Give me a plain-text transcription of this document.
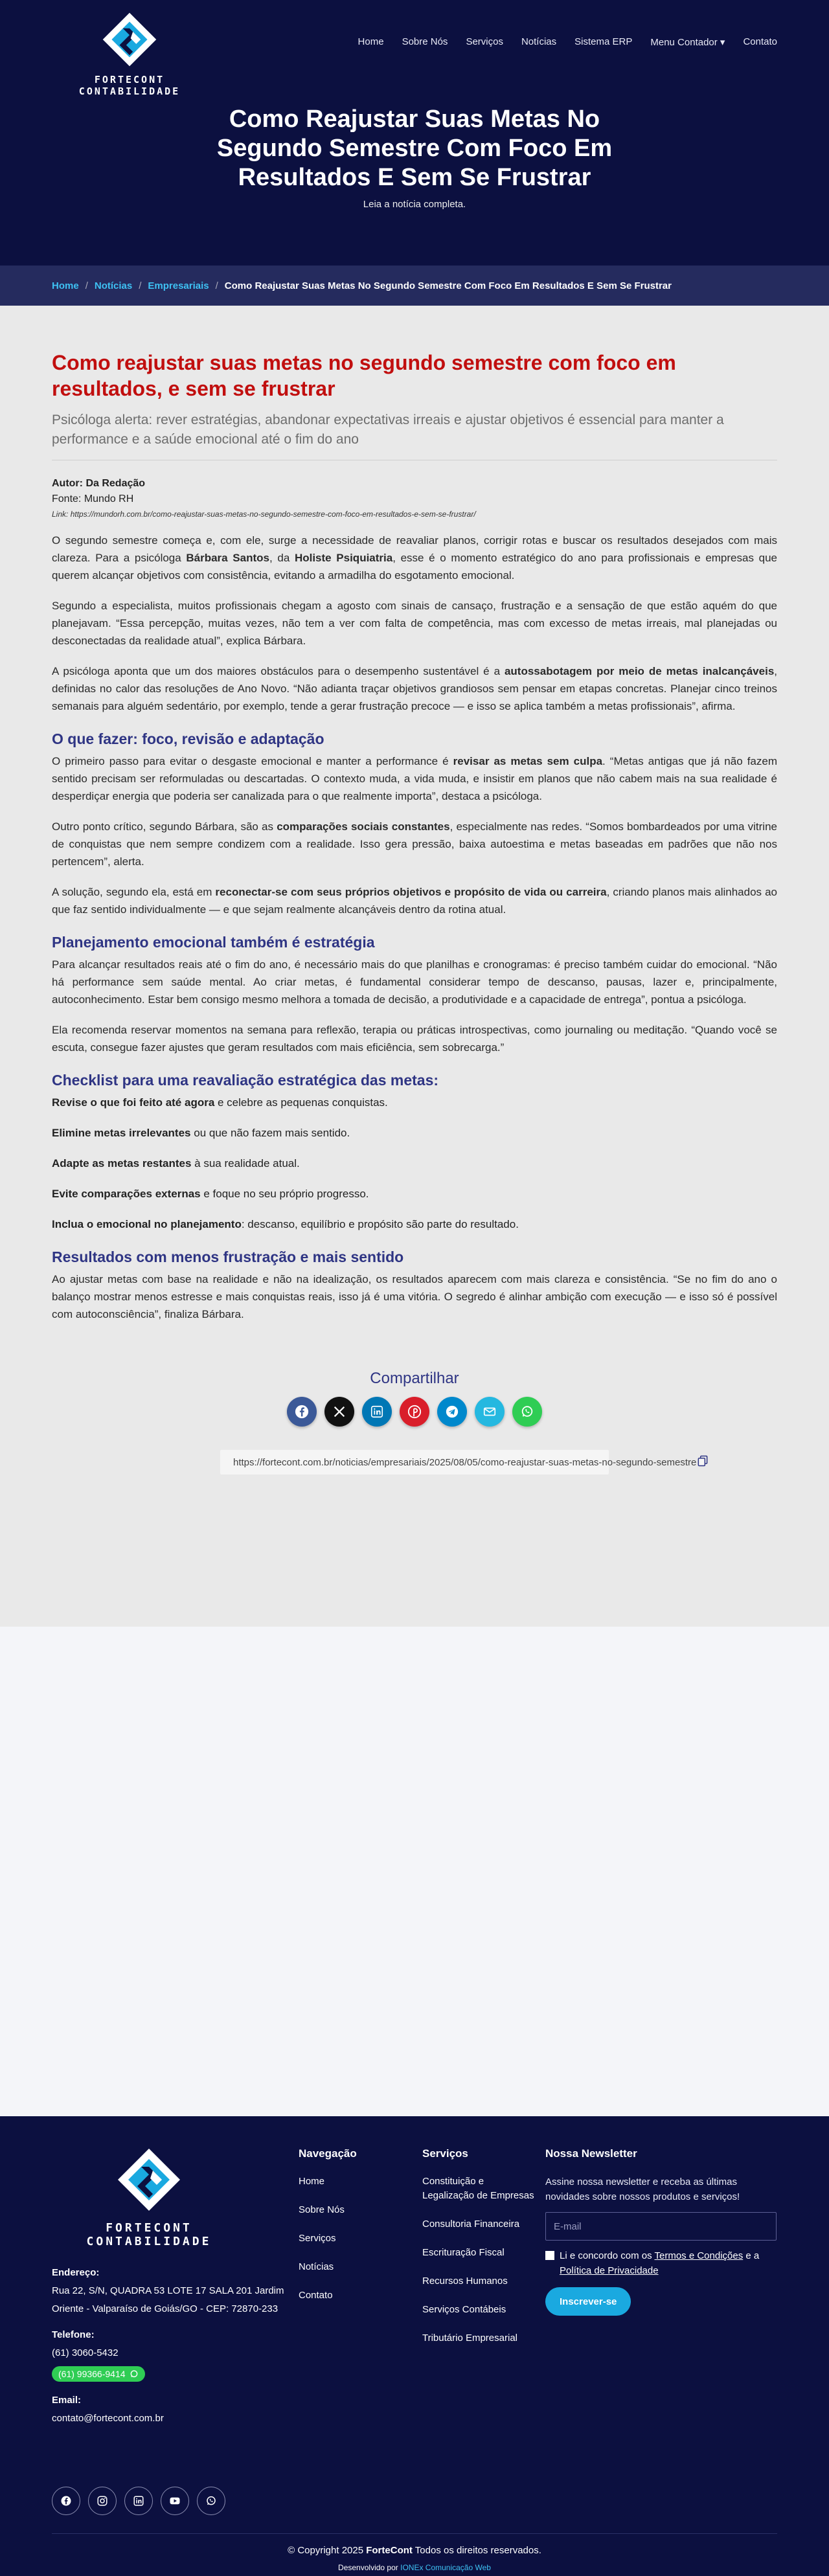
FORTECONT CONTABILIDADE
Home Sobre Nós Serviços Notícias Sistema ERP Menu Contador ▾ Contato
Como Reajustar Suas Metas No
Segundo Semestre Com Foco Em
Resultados E Sem Se Frustrar
Leia a notícia completa.
Home / Notícias / Empresariais / Como Reajustar Suas Metas No Segundo Semestre Com Foco Em Resultados E Sem Se Frustrar
Como reajustar suas metas no segundo semestre com foco em resultados, e sem se frustrar
Psicóloga alerta: rever estratégias, abandonar expectativas irreais e ajustar objetivos é essencial para manter a performance e a saúde emocional até o fim do ano
Autor: Da Redação
Fonte: Mundo RH
Link: https://mundorh.com.br/como-reajustar-suas-metas-no-segundo-semestre-com-foco-em-resultados-e-sem-se-frustrar/

O segundo semestre começa e, com ele, surge a necessidade de reavaliar planos, corrigir rotas e buscar os resultados desejados com mais clareza. Para a psicóloga Bárbara Santos, da Holiste Psiquiatria, esse é o momento estratégico do ano para profissionais e empresas que querem alcançar objetivos com consistência, evitando a armadilha do esgotamento emocional.

Segundo a especialista, muitos profissionais chegam a agosto com sinais de cansaço, frustração e a sensação de que estão aquém do que planejavam. “Essa percepção, muitas vezes, não tem a ver com falta de competência, mas com excesso de metas irreais, mal planejadas ou desconectadas da realidade atual”, explica Bárbara.

A psicóloga aponta que um dos maiores obstáculos para o desempenho sustentável é a autossabotagem por meio de metas inalcançáveis, definidas no calor das resoluções de Ano Novo. “Não adianta traçar objetivos grandiosos sem pensar em etapas concretas. Planejar cinco treinos semanais para alguém sedentário, por exemplo, tende a gerar frustração precoce — e isso se aplica também a metas profissionais”, afirma.

O que fazer: foco, revisão e adaptação

O primeiro passo para evitar o desgaste emocional e manter a performance é revisar as metas sem culpa. “Metas antigas que já não fazem sentido precisam ser reformuladas ou descartadas. O contexto muda, a vida muda, e insistir em planos que não cabem mais na sua realidade é desperdiçar energia que poderia ser canalizada para o que realmente importa”, destaca a psicóloga.

Outro ponto crítico, segundo Bárbara, são as comparações sociais constantes, especialmente nas redes. “Somos bombardeados por uma vitrine de conquistas que nem sempre condizem com a realidade. Isso gera pressão, baixa autoestima e metas baseadas em padrões que não nos pertencem”, alerta.

A solução, segundo ela, está em reconectar-se com seus próprios objetivos e propósito de vida ou carreira, criando planos mais alinhados ao que faz sentido individualmente — e que sejam realmente alcançáveis dentro da rotina atual.

Planejamento emocional também é estratégia

Para alcançar resultados reais até o fim do ano, é necessário mais do que planilhas e cronogramas: é preciso também cuidar do emocional. “Não há performance sem saúde mental. Ao criar metas, é fundamental considerar tempo de descanso, pausas, lazer e, principalmente, autoconhecimento. Estar bem consigo mesmo melhora a tomada de decisão, a produtividade e a capacidade de entrega”, pontua a psicóloga.

Ela recomenda reservar momentos na semana para reflexão, terapia ou práticas introspectivas, como journaling ou meditação. “Quando você se escuta, consegue fazer ajustes que geram resultados com mais eficiência, sem sobrecarga.”

Checklist para uma reavaliação estratégica das metas:
Revise o que foi feito até agora e celebre as pequenas conquistas.
Elimine metas irrelevantes ou que não fazem mais sentido.
Adapte as metas restantes à sua realidade atual.
Evite comparações externas e foque no seu próprio progresso.
Inclua o emocional no planejamento: descanso, equilíbrio e propósito são parte do resultado.
Resultados com menos frustração e mais sentido

Ao ajustar metas com base na realidade e não na idealização, os resultados aparecem com mais clareza e consistência. “Se no fim do ano o balanço mostrar menos estresse e mais conquistas reais, isso já é uma vitória. O segredo é alinhar ambição com execução — e isso só é possível com autoconsciência”, finaliza Bárbara.

Compartilhar
https://fortecont.com.br/noticias/empresariais/2025/08/05/como-reajustar-suas-metas-no-segundo-semestre
FORTECONT CONTABILIDADE
Endereço:
Rua 22, S/N, QUADRA 53 LOTE 17 SALA 201 Jardim Oriente - Valparaíso de Goiás/GO - CEP: 72870-233
Telefone:
(61) 3060-5432
(61) 99366-9414
Email:
contato@fortecont.com.br
Navegação
Home
Sobre Nós
Serviços
Notícias
Contato
Serviços
Constituição e Legalização de Empresas
Consultoria Financeira
Escrituração Fiscal
Recursos Humanos
Serviços Contábeis
Tributário Empresarial
Nossa Newsletter
Assine nossa newsletter e receba as últimas novidades sobre nossos produtos e serviços!
E-mail
Li e concordo com os Termos e Condições e a Política de Privacidade
Inscrever-se
© Copyright 2025 ForteCont Todos os direitos reservados.
Desenvolvido por IONEx Comunicação Web
